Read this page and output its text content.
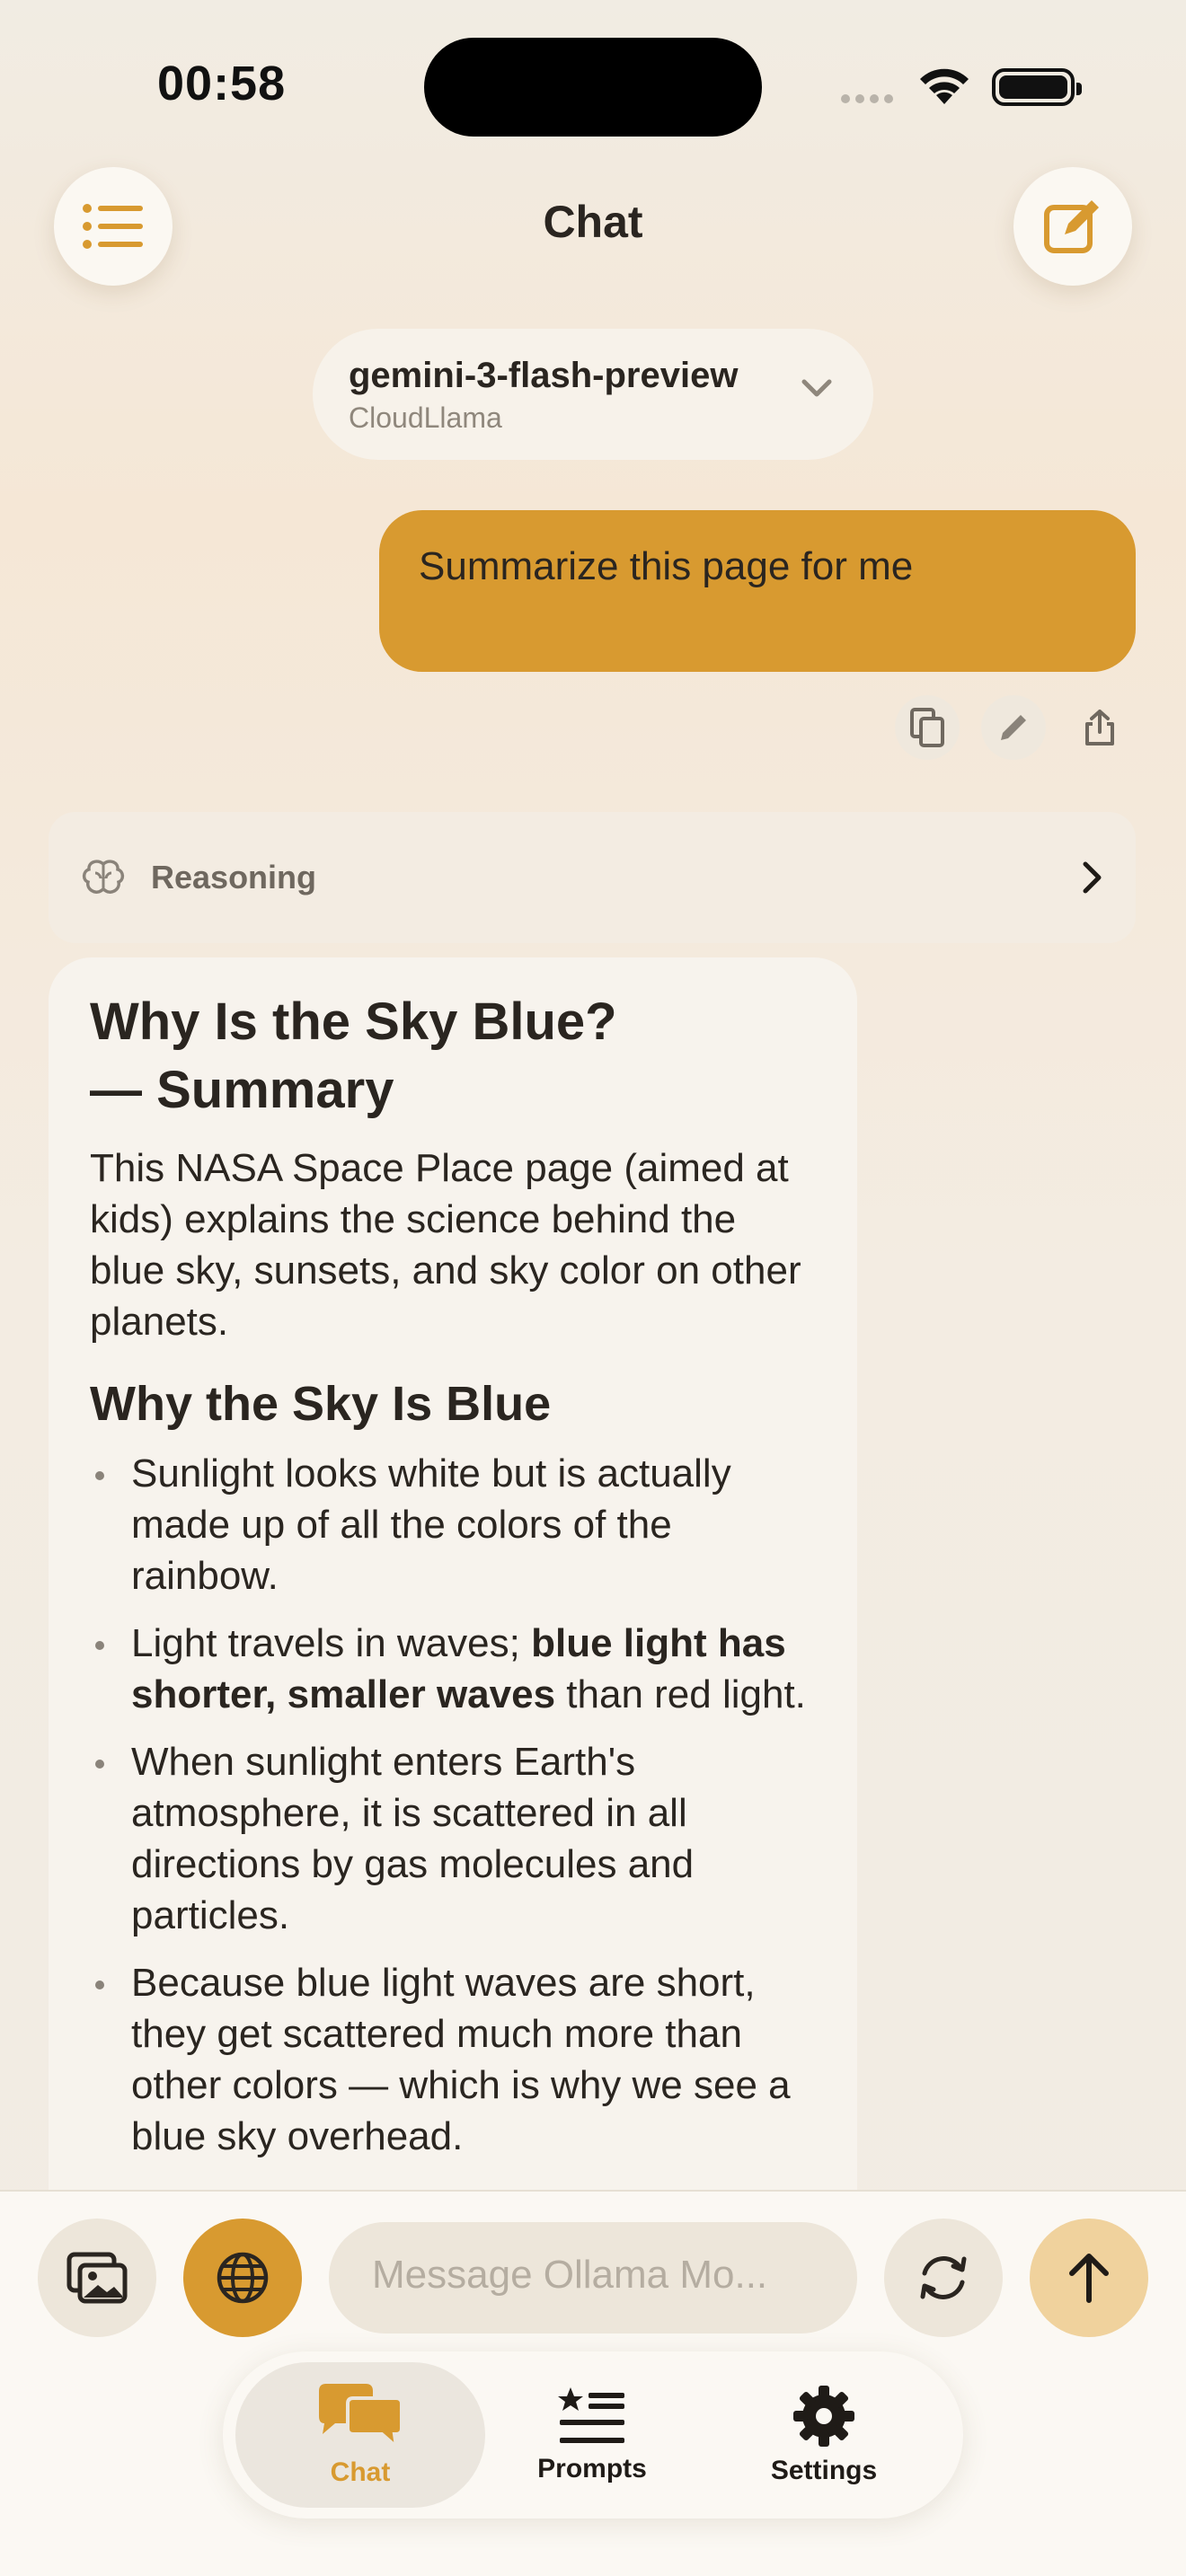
00:58
Chat
gemini-3-flash-preview
CloudLlama
Summarize this page for me
Reasoning
Why Is the Sky Blue?
— Summary

This NASA Space Place page (aimed at kids) explains the science behind the blue sky, sunsets, and sky color on other planets.

Why the Sky Is Blue
Sunlight looks white but is actually made up of all the colors of the rainbow.
Light travels in waves; blue light has shorter, smaller waves than red light.
When sunlight enters Earth's atmosphere, it is scattered in all directions by gas molecules and particles.
Because blue light waves are short, they get scattered much more than other colors — which is why we see a blue sky overhead.
Message Ollama Mo...
Chat	Prompts	Settings
